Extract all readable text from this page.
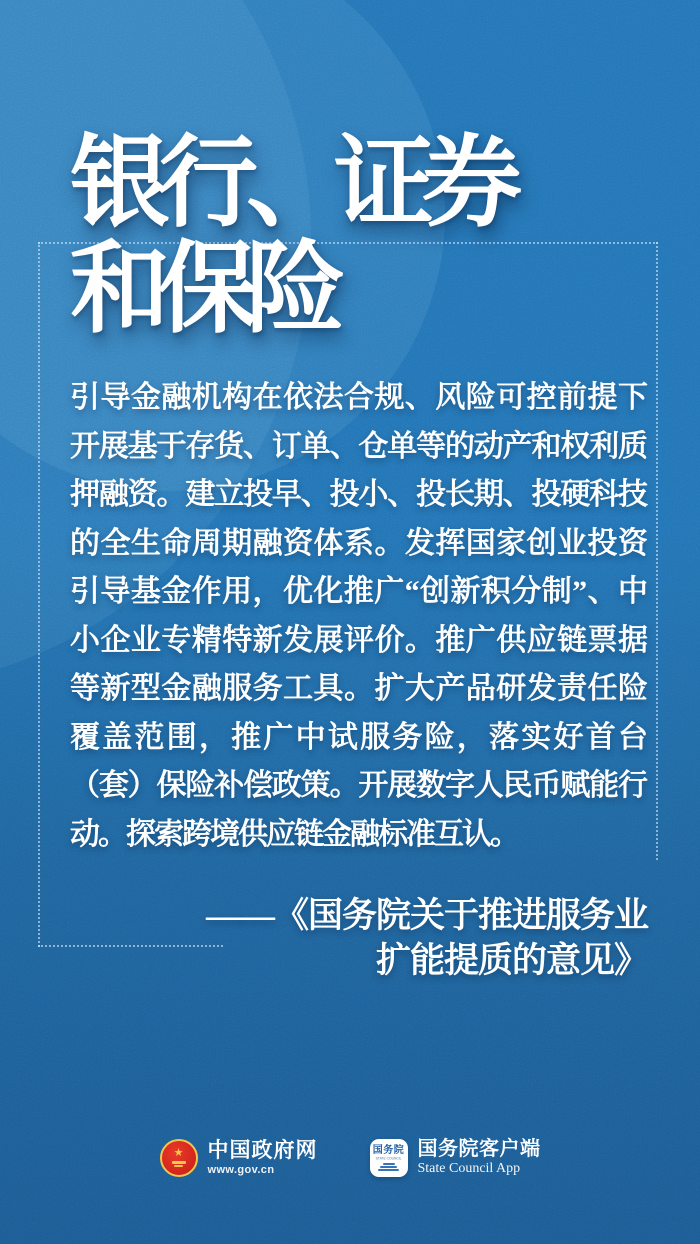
银行、证券
和保险
引导金融机构在依法合规、风险可控前提下
开展基于存货、订单、仓单等的动产和权利质
押融资。建立投早、投小、投长期、投硬科技
的全生命周期融资体系。发挥国家创业投资
引导基金作用，优化推广“创新积分制”、中
小企业专精特新发展评价。推广供应链票据
等新型金融服务工具。扩大产品研发责任险
覆盖范围，推广中试服务险，落实好首台
（套）保险补偿政策。开展数字人民币赋能行
动。探索跨境供应链金融标准互认。
——《国务院关于推进服务业
扩能提质的意见》
★ 中国政府网
www.gov.cn
国务院
STATE COUNCIL 国务院客户端
State Council App
